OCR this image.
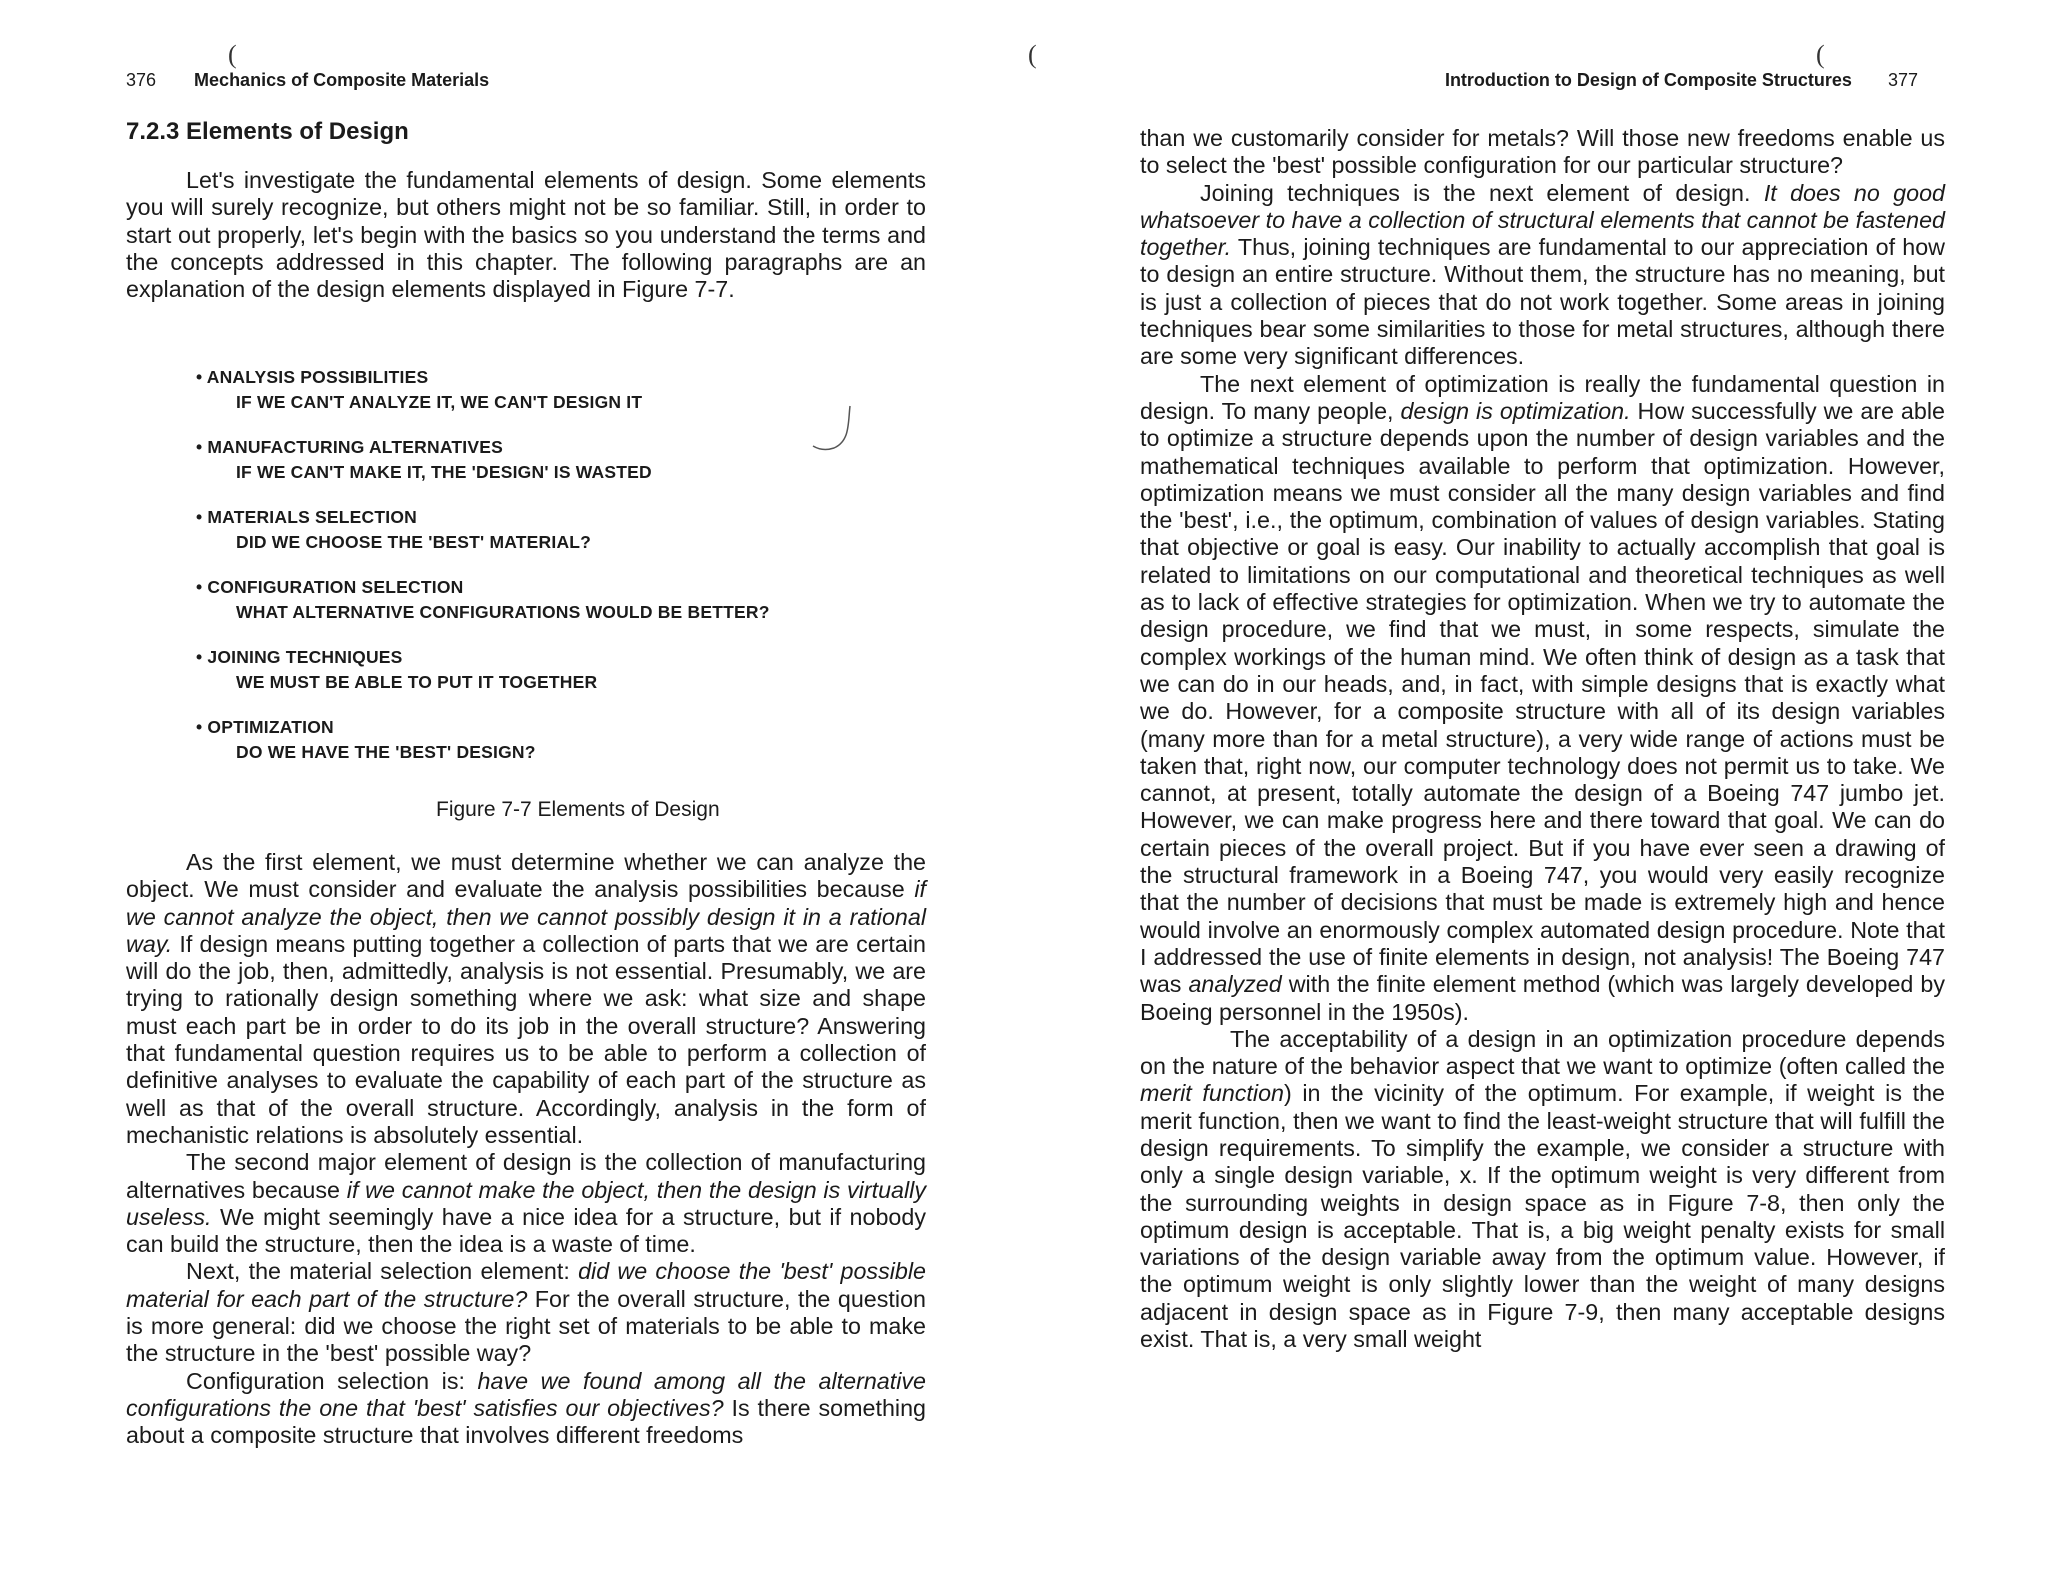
(	(	(
376 Mechanics of Composite Materials
7.2.3 Elements of Design

Let's investigate the fundamental elements of design. Some elements you will surely recognize, but others might not be so familiar. Still, in order to start out properly, let's begin with the basics so you understand the terms and the concepts addressed in this chapter. The following paragraphs are an explanation of the design elements displayed in Figure 7-7.

• ANALYSIS POSSIBILITIES
IF WE CAN'T ANALYZE IT, WE CAN'T DESIGN IT
• MANUFACTURING ALTERNATIVES
IF WE CAN'T MAKE IT, THE 'DESIGN' IS WASTED
• MATERIALS SELECTION
DID WE CHOOSE THE 'BEST' MATERIAL?
• CONFIGURATION SELECTION
WHAT ALTERNATIVE CONFIGURATIONS WOULD BE BETTER?
• JOINING TECHNIQUES
WE MUST BE ABLE TO PUT IT TOGETHER
• OPTIMIZATION
DO WE HAVE THE 'BEST' DESIGN?
Figure 7-7 Elements of Design

As the first element, we must determine whether we can analyze the object. We must consider and evaluate the analysis possibilities because if we cannot analyze the object, then we cannot possibly design it in a rational way. If design means putting together a collection of parts that we are certain will do the job, then, admittedly, analysis is not essential. Presumably, we are trying to rationally design something where we ask: what size and shape must each part be in order to do its job in the overall structure? Answering that fundamental question requires us to be able to perform a collection of definitive analyses to evaluate the capability of each part of the structure as well as that of the overall structure. Accordingly, analysis in the form of mechanistic relations is absolutely essential.

The second major element of design is the collection of manufacturing alternatives because if we cannot make the object, then the design is virtually useless. We might seemingly have a nice idea for a structure, but if nobody can build the structure, then the idea is a waste of time.

Next, the material selection element: did we choose the 'best' possible material for each part of the structure? For the overall structure, the question is more general: did we choose the right set of materials to be able to make the structure in the 'best' possible way?

Configuration selection is: have we found among all the alternative configurations the one that 'best' satisfies our objectives? Is there something about a composite structure that involves different freedoms

Introduction to Design of Composite Structures 377

than we customarily consider for metals? Will those new freedoms enable us to select the 'best' possible configuration for our particular structure?

Joining techniques is the next element of design. It does no good whatsoever to have a collection of structural elements that cannot be fastened together. Thus, joining techniques are fundamental to our appreciation of how to design an entire structure. Without them, the structure has no meaning, but is just a collection of pieces that do not work together. Some areas in joining techniques bear some similarities to those for metal structures, although there are some very significant differences.

The next element of optimization is really the fundamental question in design. To many people, design is optimization. How successfully we are able to optimize a structure depends upon the number of design variables and the mathematical techniques available to perform that optimization. However, optimization means we must consider all the many design variables and find the 'best', i.e., the optimum, combination of values of design variables. Stating that objective or goal is easy. Our inability to actually accomplish that goal is related to limitations on our computational and theoretical techniques as well as to lack of effective strategies for optimization. When we try to automate the design procedure, we find that we must, in some respects, simulate the complex workings of the human mind. We often think of design as a task that we can do in our heads, and, in fact, with simple designs that is exactly what we do. However, for a composite structure with all of its design variables (many more than for a metal structure), a very wide range of actions must be taken that, right now, our computer technology does not permit us to take. We cannot, at present, totally automate the design of a Boeing 747 jumbo jet. However, we can make progress here and there toward that goal. We can do certain pieces of the overall project. But if you have ever seen a drawing of the structural framework in a Boeing 747, you would very easily recognize that the number of decisions that must be made is extremely high and hence would involve an enormously complex automated design procedure. Note that I addressed the use of finite elements in design, not analysis! The Boeing 747 was analyzed with the finite element method (which was largely developed by Boeing personnel in the 1950s).

The acceptability of a design in an optimization procedure depends on the nature of the behavior aspect that we want to optimize (often called the merit function) in the vicinity of the optimum. For example, if weight is the merit function, then we want to find the least-weight structure that will fulfill the design requirements. To simplify the example, we consider a structure with only a single design variable, x. If the optimum weight is very different from the surrounding weights in design space as in Figure 7-8, then only the optimum design is acceptable. That is, a big weight penalty exists for small variations of the design variable away from the optimum value. However, if the optimum weight is only slightly lower than the weight of many designs adjacent in design space as in Figure 7-9, then many acceptable designs exist. That is, a very small weight
